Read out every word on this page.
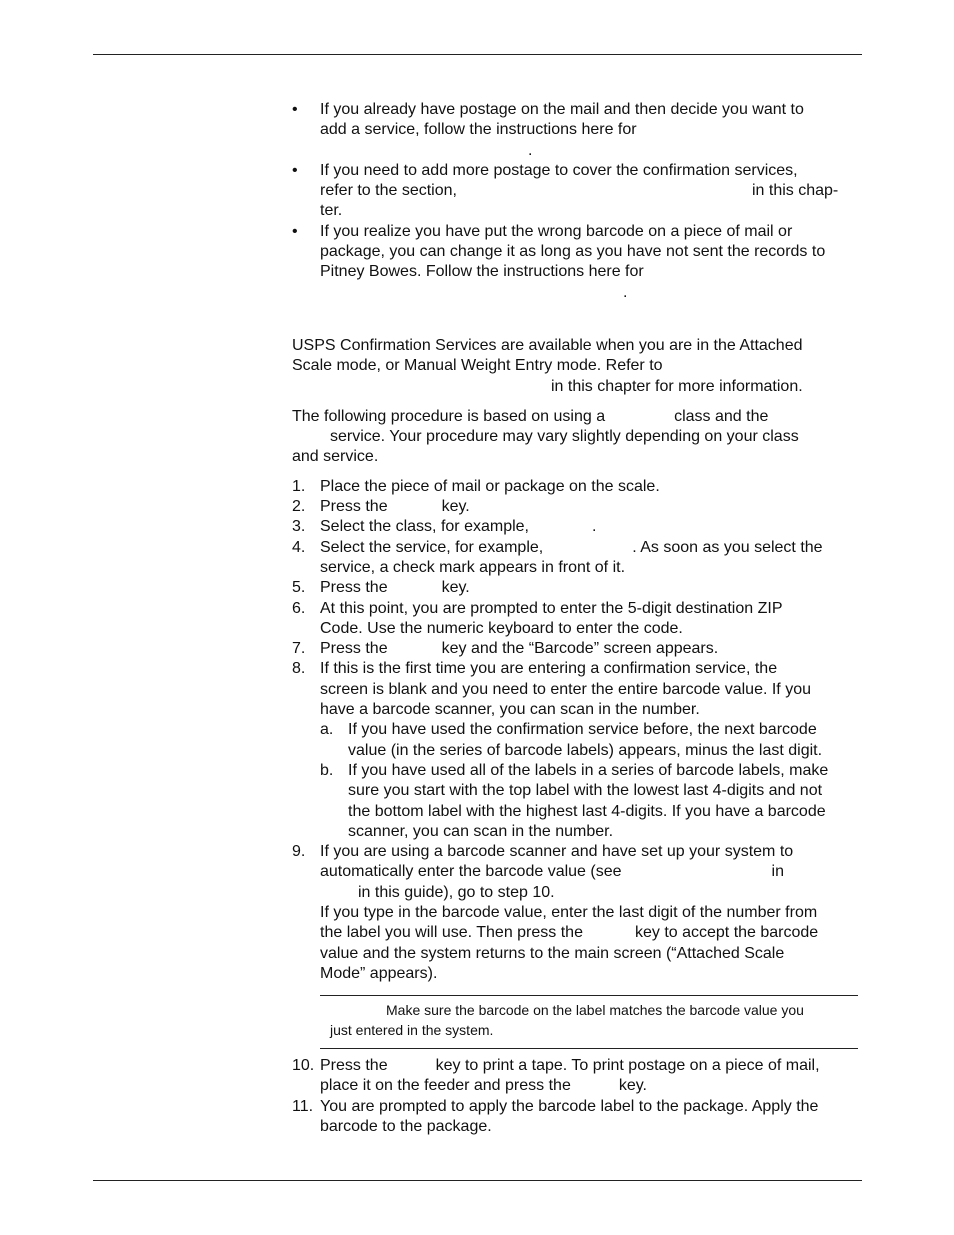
• If you already have postage on the mail and then decide you want to
add a service, follow the instructions here for
.
• If you need to add more postage to cover the confirmation services,
refer to the section,	in this chap-
ter.
• If you realize you have put the wrong barcode on a piece of mail or
package, you can change it as long as you have not sent the records to
Pitney Bowes. Follow the instructions here for
.
USPS Confirmation Services are available when you are in the Attached
Scale mode, or Manual Weight Entry mode. Refer to
in this chapter for more information.
The following procedure is based on using a	class and the
service. Your procedure may vary slightly depending on your class
and service.
1. Place the piece of mail or package on the scale.
2. Press the	key.
3. Select the class, for example,	.
4. Select the service, for example,	. As soon as you select the
service, a check mark appears in front of it.
5. Press the	key.
6. At this point, you are prompted to enter the 5-digit destination ZIP
Code. Use the numeric keyboard to enter the code.
7. Press the	key and the “Barcode” screen appears.
8. If this is the first time you are entering a confirmation service, the
screen is blank and you need to enter the entire barcode value. If you
have a barcode scanner, you can scan in the number.
a. If you have used the confirmation service before, the next barcode
value (in the series of barcode labels) appears, minus the last digit.
b. If you have used all of the labels in a series of barcode labels, make
sure you start with the top label with the lowest last 4-digits and not
the bottom label with the highest last 4-digits. If you have a barcode
scanner, you can scan in the number.
9. If you are using a barcode scanner and have set up your system to
automatically enter the barcode value (see	in
in this guide), go to step 10.
If you type in the barcode value, enter the last digit of the number from
the label you will use. Then press the	key to accept the barcode
value and the system returns to the main screen (“Attached Scale
Mode” appears).
Make sure the barcode on the label matches the barcode value you
just entered in the system.
10. Press the	key to print a tape. To print postage on a piece of mail,
place it on the feeder and press the	key.
11. You are prompted to apply the barcode label to the package. Apply the
barcode to the package.
